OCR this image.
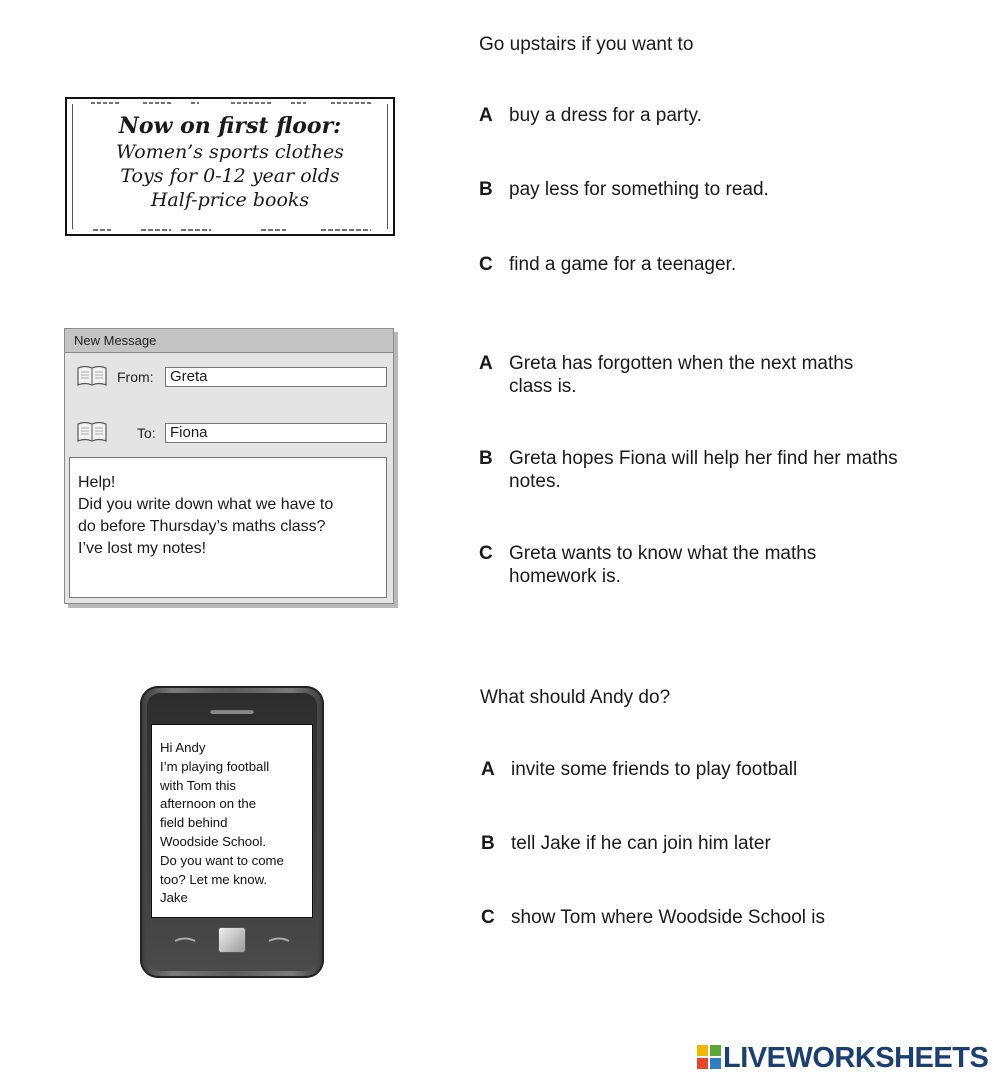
Now on first floor:
Women’s sports clothes
Toys for 0-12 year olds
Half-price books
Go upstairs if you want to
A buy a dress for a party.
B pay less for something to read.
C find a game for a teenager.
New Message
From:	Greta
To: Fiona
Help!
Did you write down what we have to
do before Thursday’s maths class?
I’ve lost my notes!
A Greta has forgotten when the next maths class is.
B Greta hopes Fiona will help her find her maths notes.
C Greta wants to know what the maths homework is.
Hi Andy
I’m playing football
with Tom this
afternoon on the
field behind
Woodside School.
Do you want to come
too? Let me know.
Jake
What should Andy do?
A invite some friends to play football
B tell Jake if he can join him later
C show Tom where Woodside School is
LIVEWORKSHEETS
